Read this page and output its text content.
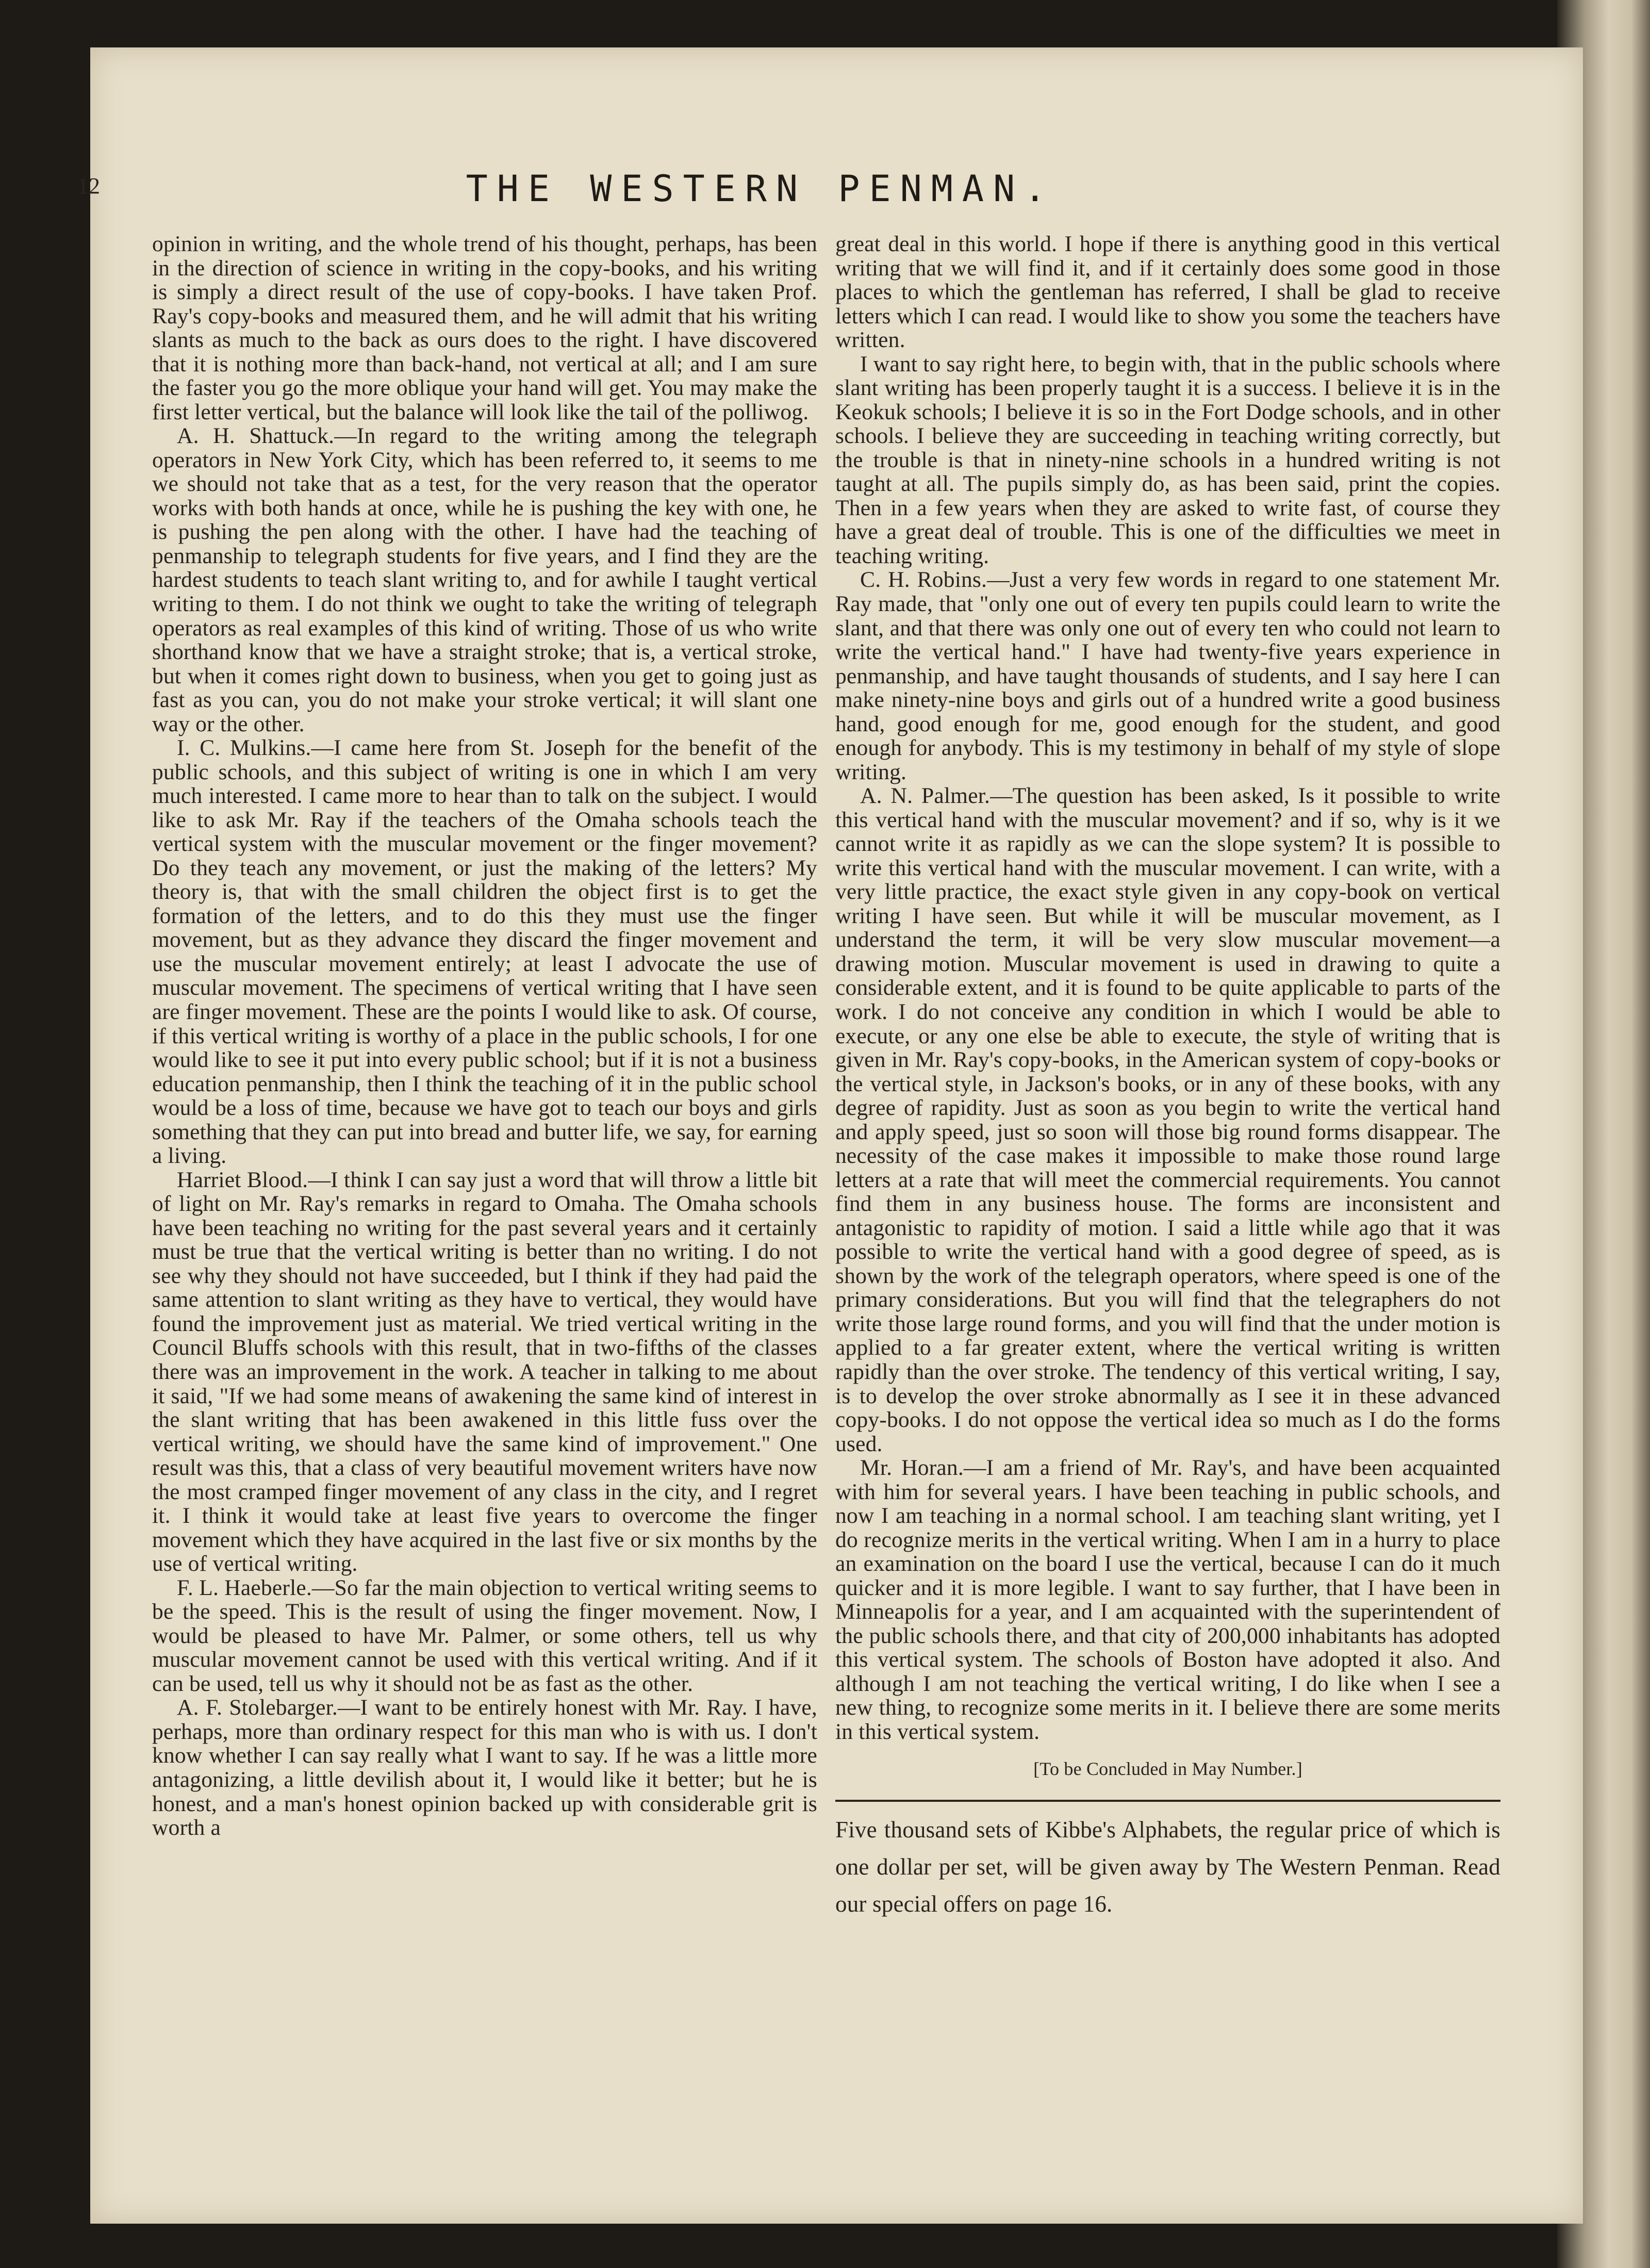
12	THE WESTERN PENMAN.

opinion in writing, and the whole trend of his thought, perhaps, has been in the direction of science in writing in the copy-books, and his writing is simply a direct result of the use of copy-books. I have taken Prof. Ray's copy-books and measured them, and he will admit that his writing slants as much to the back as ours does to the right. I have discovered that it is nothing more than back-hand, not vertical at all; and I am sure the faster you go the more oblique your hand will get. You may make the first letter vertical, but the balance will look like the tail of the polliwog.

A. H. Shattuck.—In regard to the writing among the telegraph operators in New York City, which has been referred to, it seems to me we should not take that as a test, for the very reason that the operator works with both hands at once, while he is pushing the key with one, he is pushing the pen along with the other. I have had the teaching of penmanship to telegraph students for five years, and I find they are the hardest students to teach slant writing to, and for awhile I taught vertical writing to them. I do not think we ought to take the writing of telegraph operators as real examples of this kind of writing. Those of us who write shorthand know that we have a straight stroke; that is, a vertical stroke, but when it comes right down to business, when you get to going just as fast as you can, you do not make your stroke vertical; it will slant one way or the other.

I. C. Mulkins.—I came here from St. Joseph for the benefit of the public schools, and this subject of writing is one in which I am very much interested. I came more to hear than to talk on the subject. I would like to ask Mr. Ray if the teachers of the Omaha schools teach the vertical system with the muscular movement or the finger movement? Do they teach any movement, or just the making of the letters? My theory is, that with the small children the object first is to get the formation of the letters, and to do this they must use the finger movement, but as they advance they discard the finger movement and use the muscular movement entirely; at least I advocate the use of muscular movement. The specimens of vertical writing that I have seen are finger movement. These are the points I would like to ask. Of course, if this vertical writing is worthy of a place in the public schools, I for one would like to see it put into every public school; but if it is not a business education penmanship, then I think the teaching of it in the public school would be a loss of time, because we have got to teach our boys and girls something that they can put into bread and butter life, we say, for earning a living.

Harriet Blood.—I think I can say just a word that will throw a little bit of light on Mr. Ray's remarks in regard to Omaha. The Omaha schools have been teaching no writing for the past several years and it certainly must be true that the vertical writing is better than no writing. I do not see why they should not have succeeded, but I think if they had paid the same attention to slant writing as they have to vertical, they would have found the improvement just as material. We tried vertical writing in the Council Bluffs schools with this result, that in two-fifths of the classes there was an improvement in the work. A teacher in talking to me about it said, "If we had some means of awakening the same kind of interest in the slant writing that has been awakened in this little fuss over the vertical writing, we should have the same kind of improvement." One result was this, that a class of very beautiful movement writers have now the most cramped finger movement of any class in the city, and I regret it. I think it would take at least five years to overcome the finger movement which they have acquired in the last five or six months by the use of vertical writing.

F. L. Haeberle.—So far the main objection to vertical writing seems to be the speed. This is the result of using the finger movement. Now, I would be pleased to have Mr. Palmer, or some others, tell us why muscular movement cannot be used with this vertical writing. And if it can be used, tell us why it should not be as fast as the other.

A. F. Stolebarger.—I want to be entirely honest with Mr. Ray. I have, perhaps, more than ordinary respect for this man who is with us. I don't know whether I can say really what I want to say. If he was a little more antagonizing, a little devilish about it, I would like it better; but he is honest, and a man's honest opinion backed up with considerable grit is worth a

great deal in this world. I hope if there is anything good in this vertical writing that we will find it, and if it certainly does some good in those places to which the gentleman has referred, I shall be glad to receive letters which I can read. I would like to show you some the teachers have written.

I want to say right here, to begin with, that in the public schools where slant writing has been properly taught it is a success. I believe it is in the Keokuk schools; I believe it is so in the Fort Dodge schools, and in other schools. I believe they are succeeding in teaching writing correctly, but the trouble is that in ninety-nine schools in a hundred writing is not taught at all. The pupils simply do, as has been said, print the copies. Then in a few years when they are asked to write fast, of course they have a great deal of trouble. This is one of the difficulties we meet in teaching writing.

C. H. Robins.—Just a very few words in regard to one statement Mr. Ray made, that "only one out of every ten pupils could learn to write the slant, and that there was only one out of every ten who could not learn to write the vertical hand." I have had twenty-five years experience in penmanship, and have taught thousands of students, and I say here I can make ninety-nine boys and girls out of a hundred write a good business hand, good enough for me, good enough for the student, and good enough for anybody. This is my testimony in behalf of my style of slope writing.

A. N. Palmer.—The question has been asked, Is it possible to write this vertical hand with the muscular movement? and if so, why is it we cannot write it as rapidly as we can the slope system? It is possible to write this vertical hand with the muscular movement. I can write, with a very little practice, the exact style given in any copy-book on vertical writing I have seen. But while it will be muscular movement, as I understand the term, it will be very slow muscular movement—a drawing motion. Muscular movement is used in drawing to quite a considerable extent, and it is found to be quite applicable to parts of the work. I do not conceive any condition in which I would be able to execute, or any one else be able to execute, the style of writing that is given in Mr. Ray's copy-books, in the American system of copy-books or the vertical style, in Jackson's books, or in any of these books, with any degree of rapidity. Just as soon as you begin to write the vertical hand and apply speed, just so soon will those big round forms disappear. The necessity of the case makes it impossible to make those round large letters at a rate that will meet the commercial requirements. You cannot find them in any business house. The forms are inconsistent and antagonistic to rapidity of motion. I said a little while ago that it was possible to write the vertical hand with a good degree of speed, as is shown by the work of the telegraph operators, where speed is one of the primary considerations. But you will find that the telegraphers do not write those large round forms, and you will find that the under motion is applied to a far greater extent, where the vertical writing is written rapidly than the over stroke. The tendency of this vertical writing, I say, is to develop the over stroke abnormally as I see it in these advanced copy-books. I do not oppose the vertical idea so much as I do the forms used.

Mr. Horan.—I am a friend of Mr. Ray's, and have been acquainted with him for several years. I have been teaching in public schools, and now I am teaching in a normal school. I am teaching slant writing, yet I do recognize merits in the vertical writing. When I am in a hurry to place an examination on the board I use the vertical, because I can do it much quicker and it is more legible. I want to say further, that I have been in Minneapolis for a year, and I am acquainted with the superintendent of the public schools there, and that city of 200,000 inhabitants has adopted this vertical system. The schools of Boston have adopted it also. And although I am not teaching the vertical writing, I do like when I see a new thing, to recognize some merits in it. I believe there are some merits in this vertical system.

[To be Concluded in May Number.]
Five thousand sets of Kibbe's Alphabets, the regular price of which is one dollar per set, will be given away by The Western Penman. Read our special offers on page 16.
